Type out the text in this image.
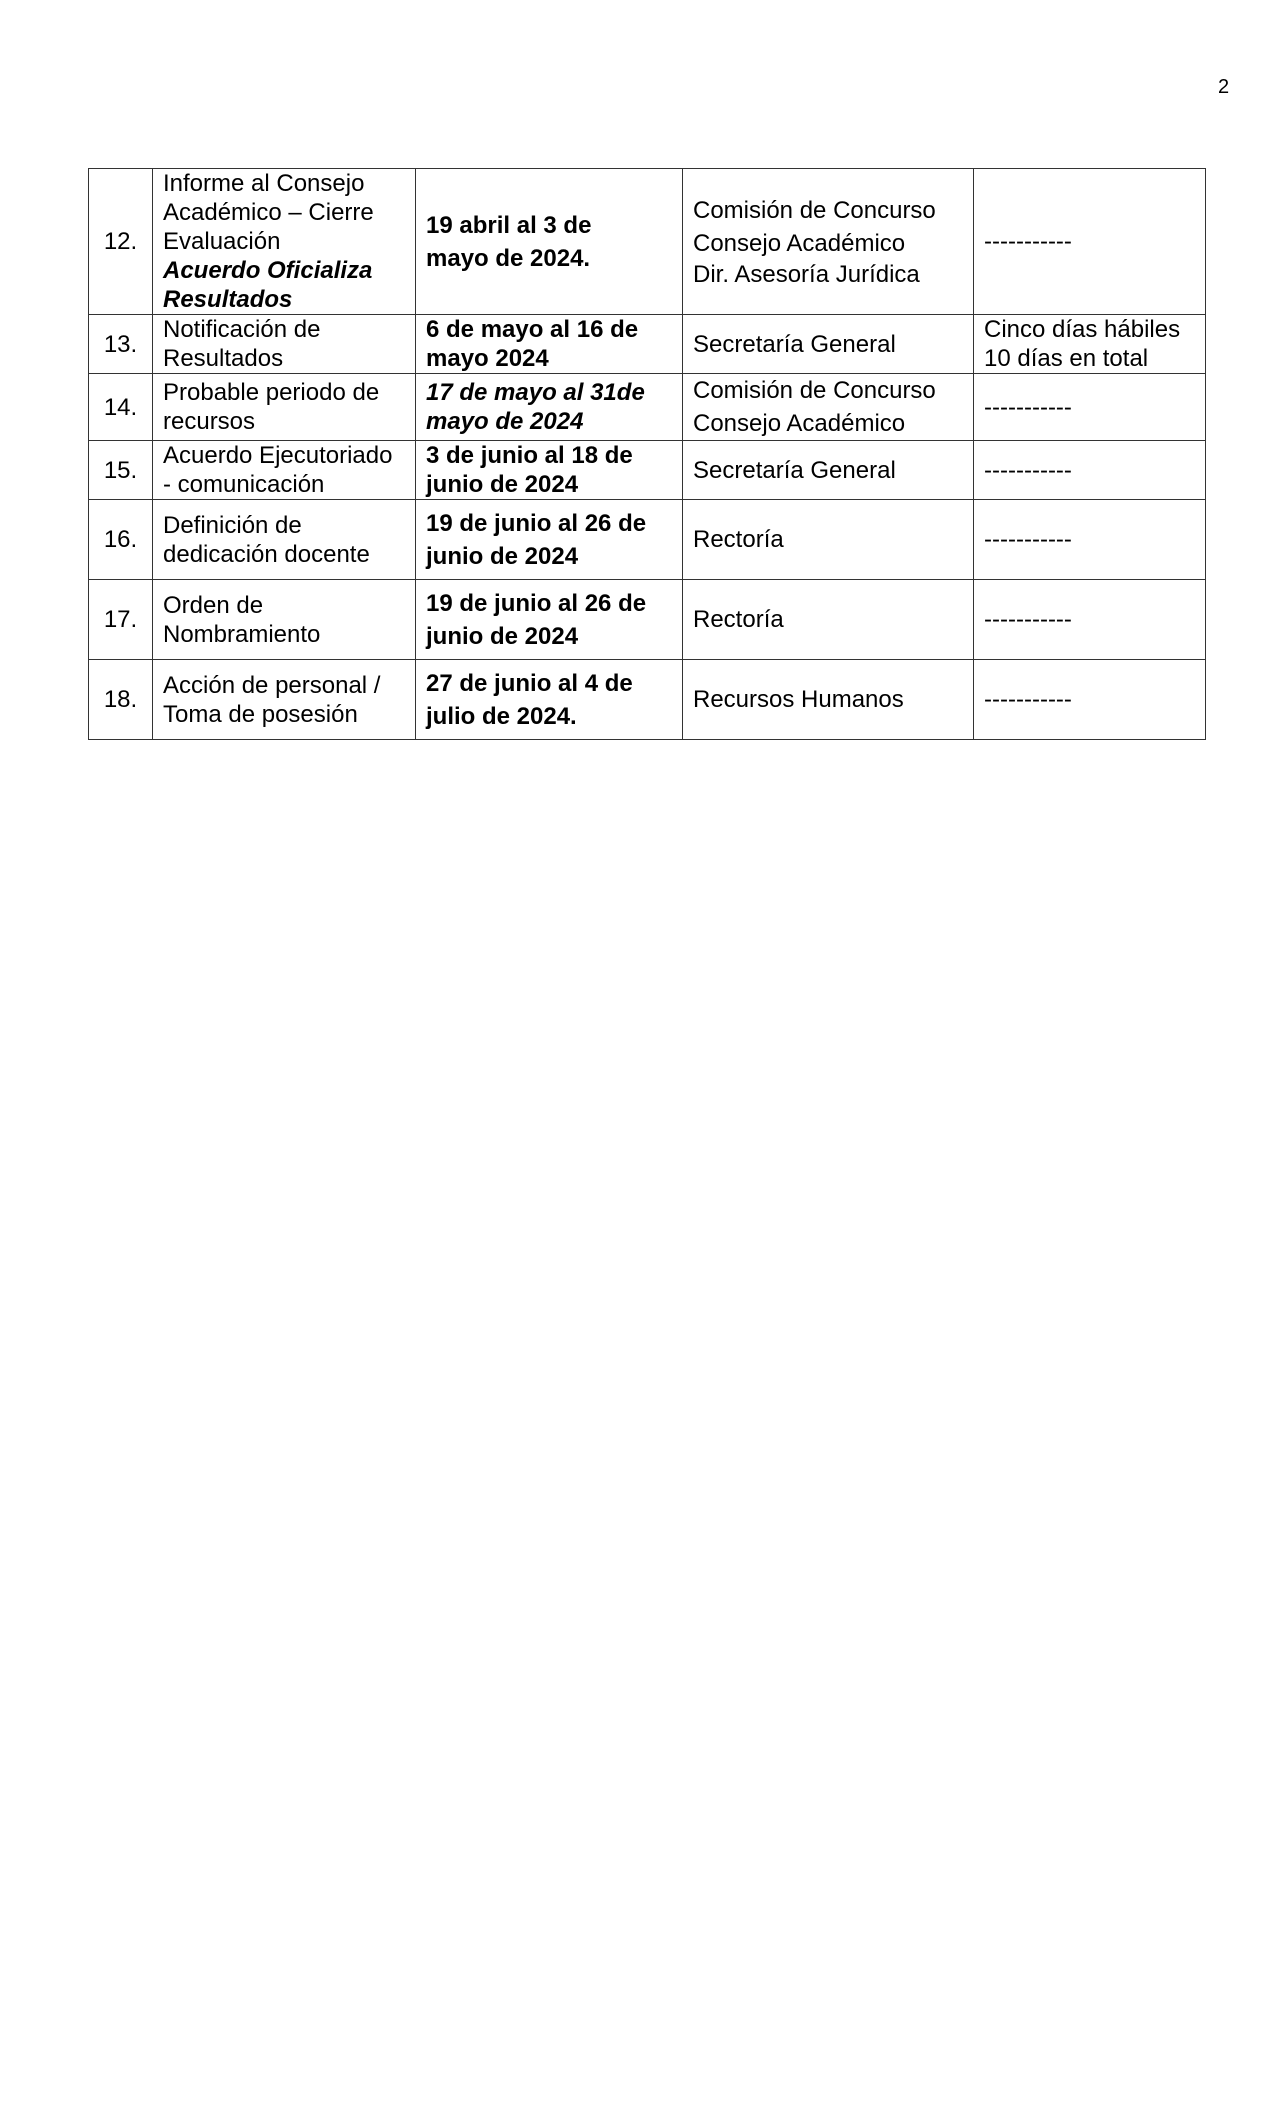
2
12.	Informe al Consejo
Académico – Cierre
Evaluación
Acuerdo Oficializa
Resultados	19 abril al 3 de
mayo de 2024.	Comisión de Concurso
Consejo Académico
Dir. Asesoría Jurídica	-----------

13.	Notificación de
Resultados	6 de mayo al 16 de
mayo 2024	Secretaría General	Cinco días hábiles
10 días en total

14.	Probable periodo de
recursos	17 de mayo al 31de
mayo de 2024	Comisión de Concurso
Consejo Académico	-----------

15.	Acuerdo Ejecutoriado
- comunicación	3 de junio al 18 de
junio de 2024	Secretaría General	-----------

16.	Definición de
dedicación docente	19 de junio al 26 de
junio de 2024	Rectoría	-----------

17.	Orden de
Nombramiento	19 de junio al 26 de
junio de 2024	Rectoría	-----------

18.	Acción de personal /
Toma de posesión	27 de junio al 4 de
julio de 2024.	Recursos Humanos	-----------
